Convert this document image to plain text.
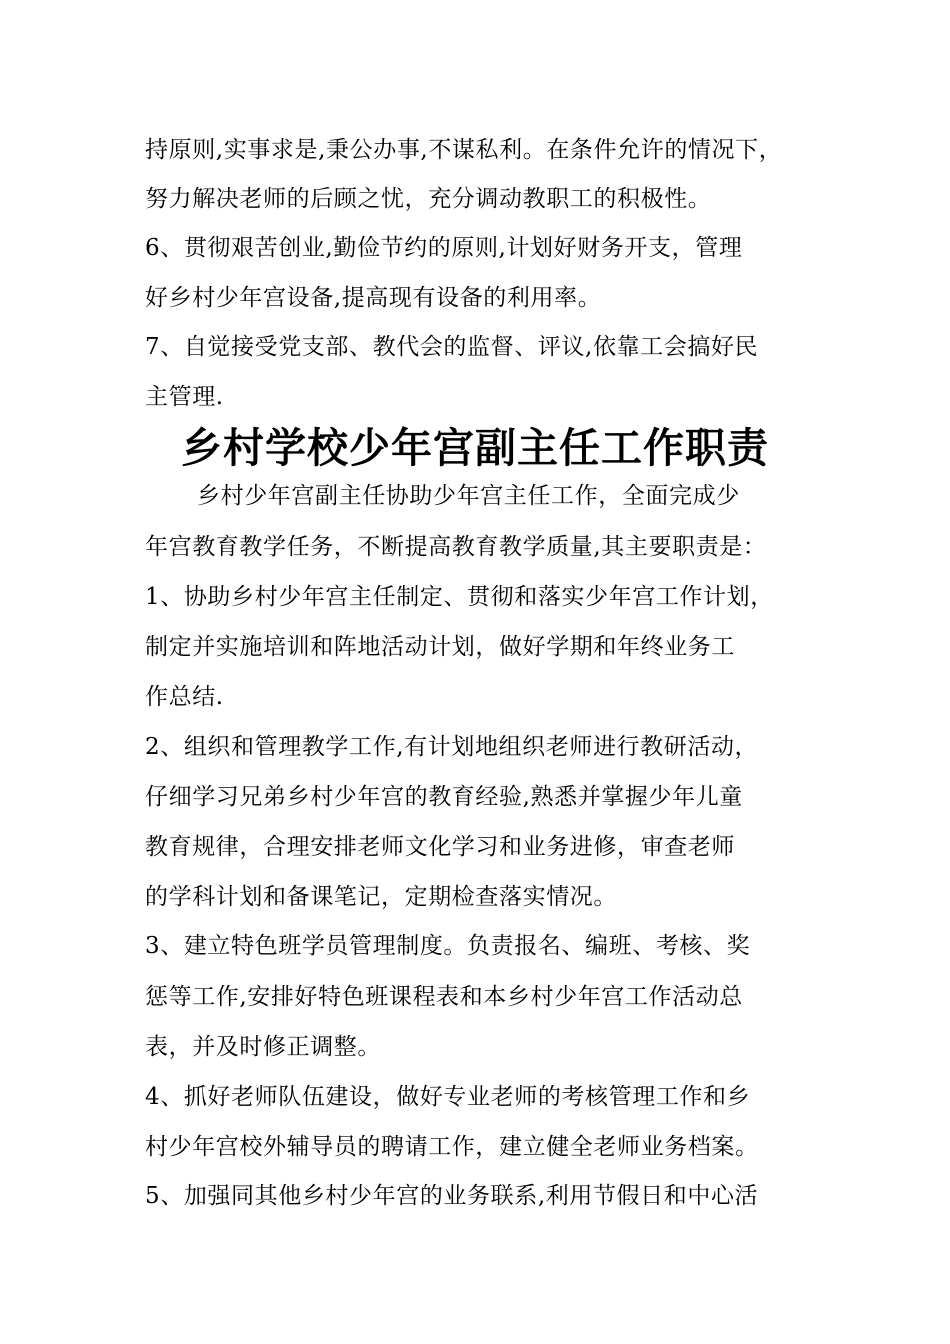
持原则,实事求是,秉公办事,不谋私利。在条件允许的情况下，
努力解决老师的后顾之忧，充分调动教职工的积极性。
6、贯彻艰苦创业,勤俭节约的原则,计划好财务开支，管理
好乡村少年宫设备,提高现有设备的利用率。
7、自觉接受党支部、教代会的监督、评议,依靠工会搞好民
主管理.
乡村学校少年宫副主任工作职责
乡村少年宫副主任协助少年宫主任工作，全面完成少
年宫教育教学任务，不断提高教育教学质量,其主要职责是：
1、协助乡村少年宫主任制定、贯彻和落实少年宫工作计划，
制定并实施培训和阵地活动计划，做好学期和年终业务工
作总结.
2、组织和管理教学工作,有计划地组织老师进行教研活动，
仔细学习兄弟乡村少年宫的教育经验,熟悉并掌握少年儿童
教育规律，合理安排老师文化学习和业务进修，审查老师
的学科计划和备课笔记，定期检查落实情况。
3、建立特色班学员管理制度。负责报名、编班、考核、奖
惩等工作,安排好特色班课程表和本乡村少年宫工作活动总
表，并及时修正调整。
4、抓好老师队伍建设，做好专业老师的考核管理工作和乡
村少年宫校外辅导员的聘请工作，建立健全老师业务档案。
5、加强同其他乡村少年宫的业务联系,利用节假日和中心活
